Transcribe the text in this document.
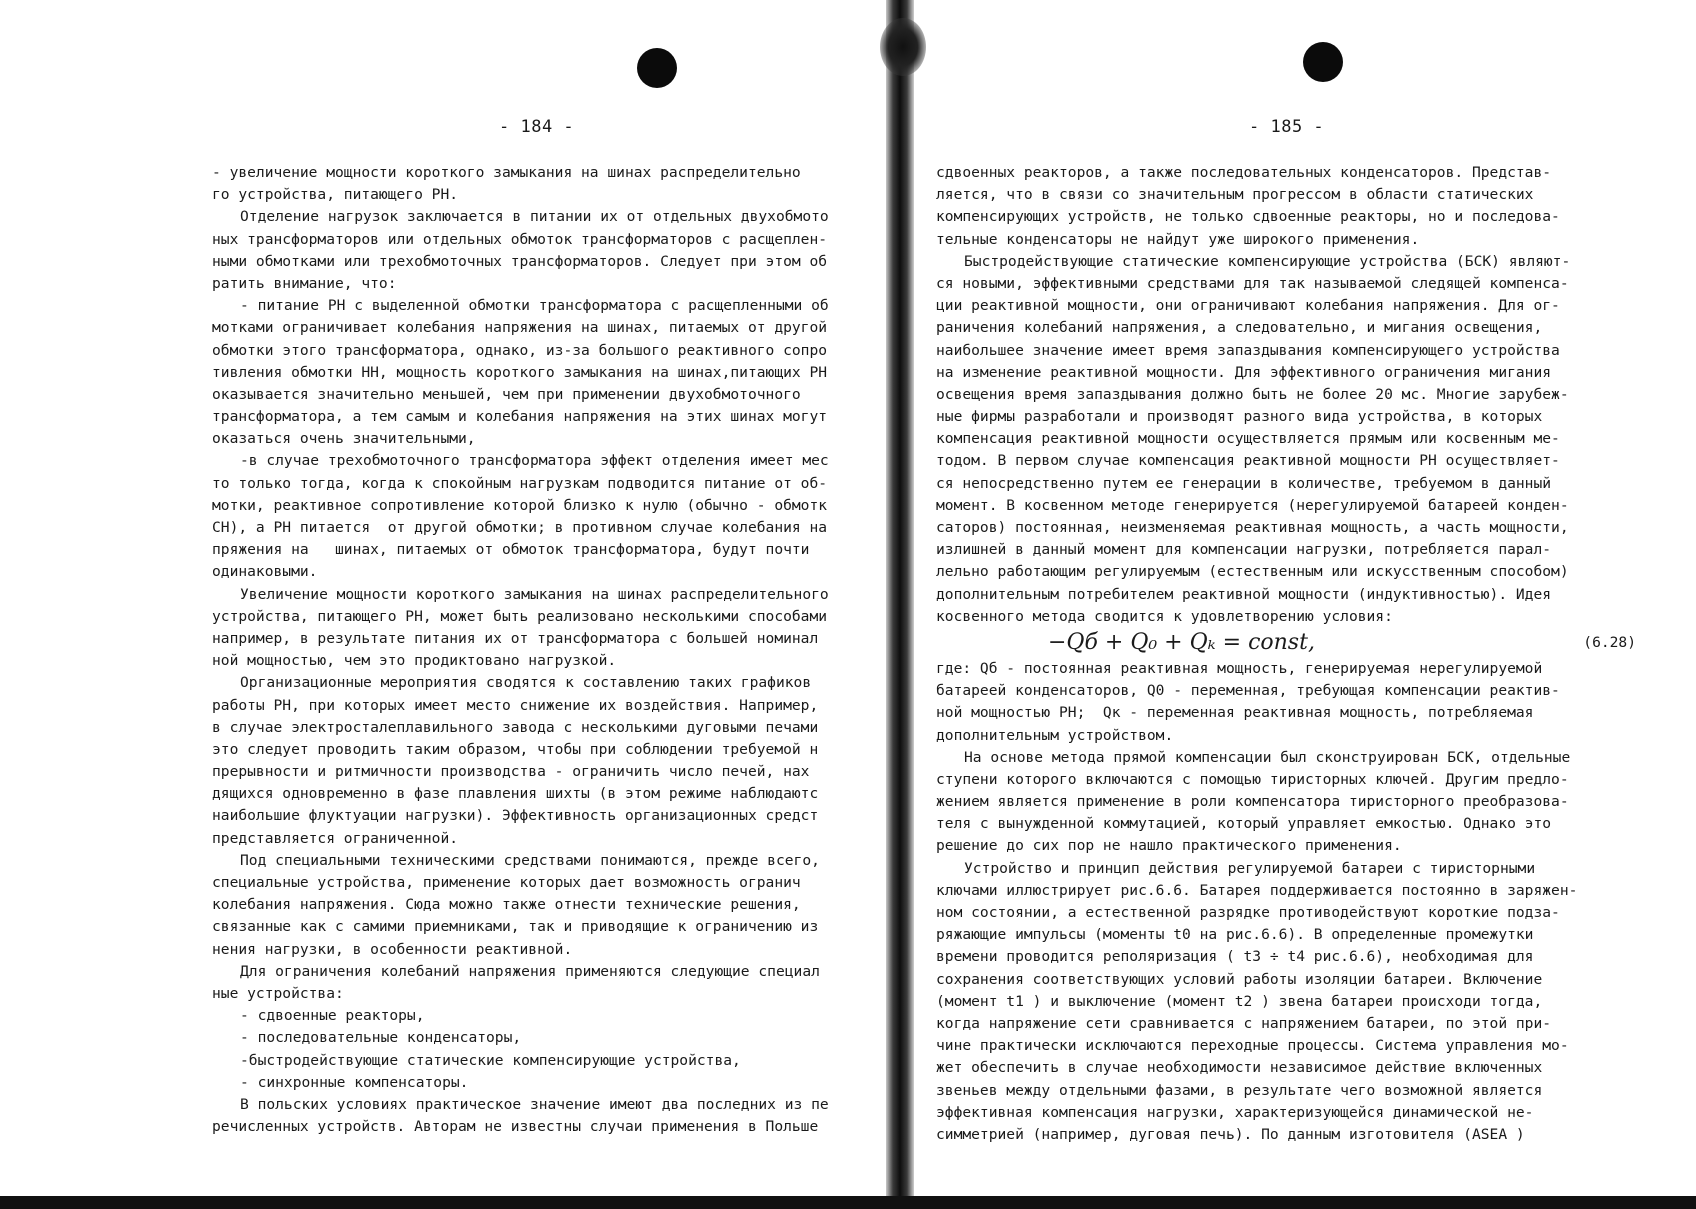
- 184 -
- увеличение мощности короткого замыкания на шинах распределительно
го устройства, питающего РН.
Отделение нагрузок заключается в питании их от отдельных двухобмото
ных трансформаторов или отдельных обмоток трансформаторов с расщеплен-
ными обмотками или трехобмоточных трансформаторов. Следует при этом об
ратить внимание, что:
- питание РН с выделенной обмотки трансформатора с расщепленными об
мотками ограничивает колебания напряжения на шинах, питаемых от другой
обмотки этого трансформатора, однако, из-за большого реактивного сопро
тивления обмотки НН, мощность короткого замыкания на шинах,питающих РН
оказывается значительно меньшей, чем при применении двухобмоточного
трансформатора, а тем самым и колебания напряжения на этих шинах могут
оказаться очень значительными,
-в случае трехобмоточного трансформатора эффект отделения имеет мес
то только тогда, когда к спокойным нагрузкам подводится питание от об-
мотки, реактивное сопротивление которой близко к нулю (обычно - обмотк
СН), а РН питается  от другой обмотки; в противном случае колебания на
пряжения на   шинах, питаемых от обмоток трансформатора, будут почти
одинаковыми.
Увеличение мощности короткого замыкания на шинах распределительного
устройства, питающего РН, может быть реализовано несколькими способами
например, в результате питания их от трансформатора с большей номинал
ной мощностью, чем это продиктовано нагрузкой.
Организационные мероприятия сводятся к составлению таких графиков
работы РН, при которых имеет место снижение их воздействия. Например,
в случае электросталеплавильного завода с несколькими дуговыми печами
это следует проводить таким образом, чтобы при соблюдении требуемой н
прерывности и ритмичности производства - ограничить число печей, нах
дящихся одновременно в фазе плавления шихты (в этом режиме наблюдаютс
наибольшие флуктуации нагрузки). Эффективность организационных средст
представляется ограниченной.
Под специальными техническими средствами понимаются, прежде всего,
специальные устройства, применение которых дает возможность огранич
колебания напряжения. Сюда можно также отнести технические решения,
связанные как с самими приемниками, так и приводящие к ограничению из
нения нагрузки, в особенности реактивной.
Для ограничения колебаний напряжения применяются следующие специал
ные устройства:
- сдвоенные реакторы,
- последовательные конденсаторы,
-быстродействующие статические компенсирующие устройства,
- синхронные компенсаторы.
В польских условиях практическое значение имеют два последних из пе
речисленных устройств. Авторам не известны случаи применения в Польше
- 185 -
сдвоенных реакторов, а также последовательных конденсаторов. Представ-
ляется, что в связи со значительным прогрессом в области статических
компенсирующих устройств, не только сдвоенные реакторы, но и последова-
тельные конденсаторы не найдут уже широкого применения.
Быстродействующие статические компенсирующие устройства (БСК) являют-
ся новыми, эффективными средствами для так называемой следящей компенса-
ции реактивной мощности, они ограничивают колебания напряжения. Для ог-
раничения колебаний напряжения, а следовательно, и мигания освещения,
наибольшее значение имеет время запаздывания компенсирующего устройства
на изменение реактивной мощности. Для эффективного ограничения мигания
освещения время запаздывания должно быть не более 20 мс. Многие зарубеж-
ные фирмы разработали и производят разного вида устройства, в которых
компенсация реактивной мощности осуществляется прямым или косвенным ме-
тодом. В первом случае компенсация реактивной мощности РН осуществляет-
ся непосредственно путем ее генерации в количестве, требуемом в данный
момент. В косвенном методе генерируется (нерегулируемой батареей конден-
саторов) постоянная, неизменяемая реактивная мощность, а часть мощности,
излишней в данный момент для компенсации нагрузки, потребляется парал-
лельно работающим регулируемым (естественным или искусственным способом)
дополнительным потребителем реактивной мощности (индуктивностью). Идея
косвенного метода сводится к удовлетворению условия:

−Qб + Q₀ + Qₖ = const,

	(6.28)

где: Qб - постоянная реактивная мощность, генерируемая нерегулируемой
батареей конденсаторов, Q0 - переменная, требующая компенсации реактив-
ной мощностью РН;  Qк - переменная реактивная мощность, потребляемая
дополнительным устройством.
На основе метода прямой компенсации был сконструирован БСК, отдельные
ступени которого включаются с помощью тиристорных ключей. Другим предло-
жением является применение в роли компенсатора тиристорного преобразова-
теля с вынужденной коммутацией, который управляет емкостью. Однако это
решение до сих пор не нашло практического применения.
Устройство и принцип действия регулируемой батареи с тиристорными
ключами иллюстрирует рис.6.6. Батарея поддерживается постоянно в заряжен-
ном состоянии, а естественной разрядке противодействуют короткие подза-
ряжающие импульсы (моменты t0 на рис.6.6). В определенные промежутки
времени проводится реполяризация ( t3 ÷ t4 рис.6.6), необходимая для
сохранения соответствующих условий работы изоляции батареи. Включение
(момент t1 ) и выключение (момент t2 ) звена батареи происходи тогда,
когда напряжение сети сравнивается с напряжением батареи, по этой при-
чине практически исключаются переходные процессы. Система управления мо-
жет обеспечить в случае необходимости независимое действие включенных
звеньев между отдельными фазами, в результате чего возможной является
эффективная компенсация нагрузки, характеризующейся динамической не-
симметрией (например, дуговая печь). По данным изготовителя (ASEA )
